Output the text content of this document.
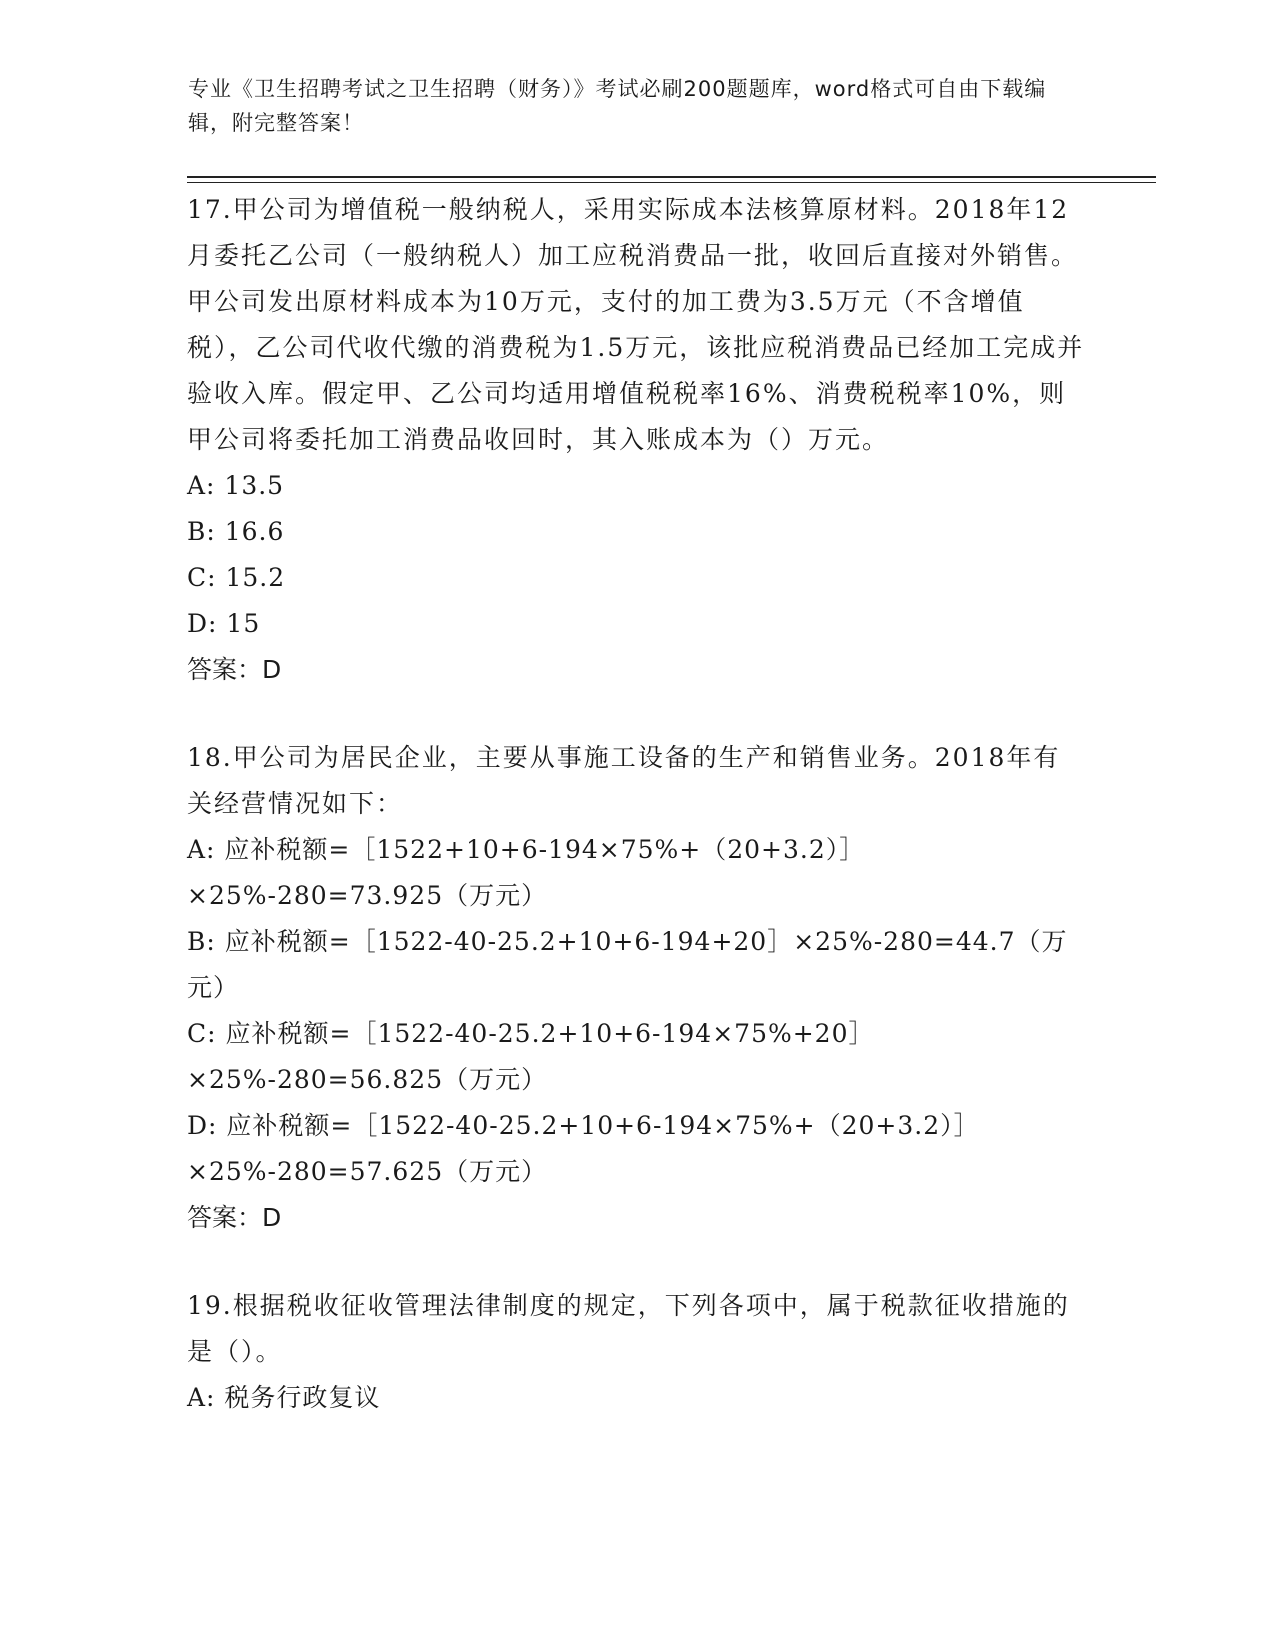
专业《卫生招聘考试之卫生招聘（财务）》考试必刷200题题库，word格式可自由下载编辑，附完整答案！

17.甲公司为增值税一般纳税人，采用实际成本法核算原材料。2018年12月委托乙公司（一般纳税人）加工应税消费品一批，收回后直接对外销售。甲公司发出原材料成本为10万元，支付的加工费为3.5万元（不含增值税），乙公司代收代缴的消费税为1.5万元，该批应税消费品已经加工完成并验收入库。假定甲、乙公司均适用增值税税率16%、消费税税率10%，则甲公司将委托加工消费品收回时，其入账成本为（）万元。

A: 13.5

B: 16.6

C: 15.2

D: 15

答案：D

18.甲公司为居民企业，主要从事施工设备的生产和销售业务。2018年有关经营情况如下：

A: 应补税额=［1522+10+6-194×75%+（20+3.2）］×25%-280=73.925（万元）

B: 应补税额=［1522-40-25.2+10+6-194+20］×25%-280=44.7（万元）

C: 应补税额=［1522-40-25.2+10+6-194×75%+20］×25%-280=56.825（万元）

D: 应补税额=［1522-40-25.2+10+6-194×75%+（20+3.2）］×25%-280=57.625（万元）

答案：D

19.根据税收征收管理法律制度的规定，下列各项中，属于税款征收措施的是（）。

A: 税务行政复议
